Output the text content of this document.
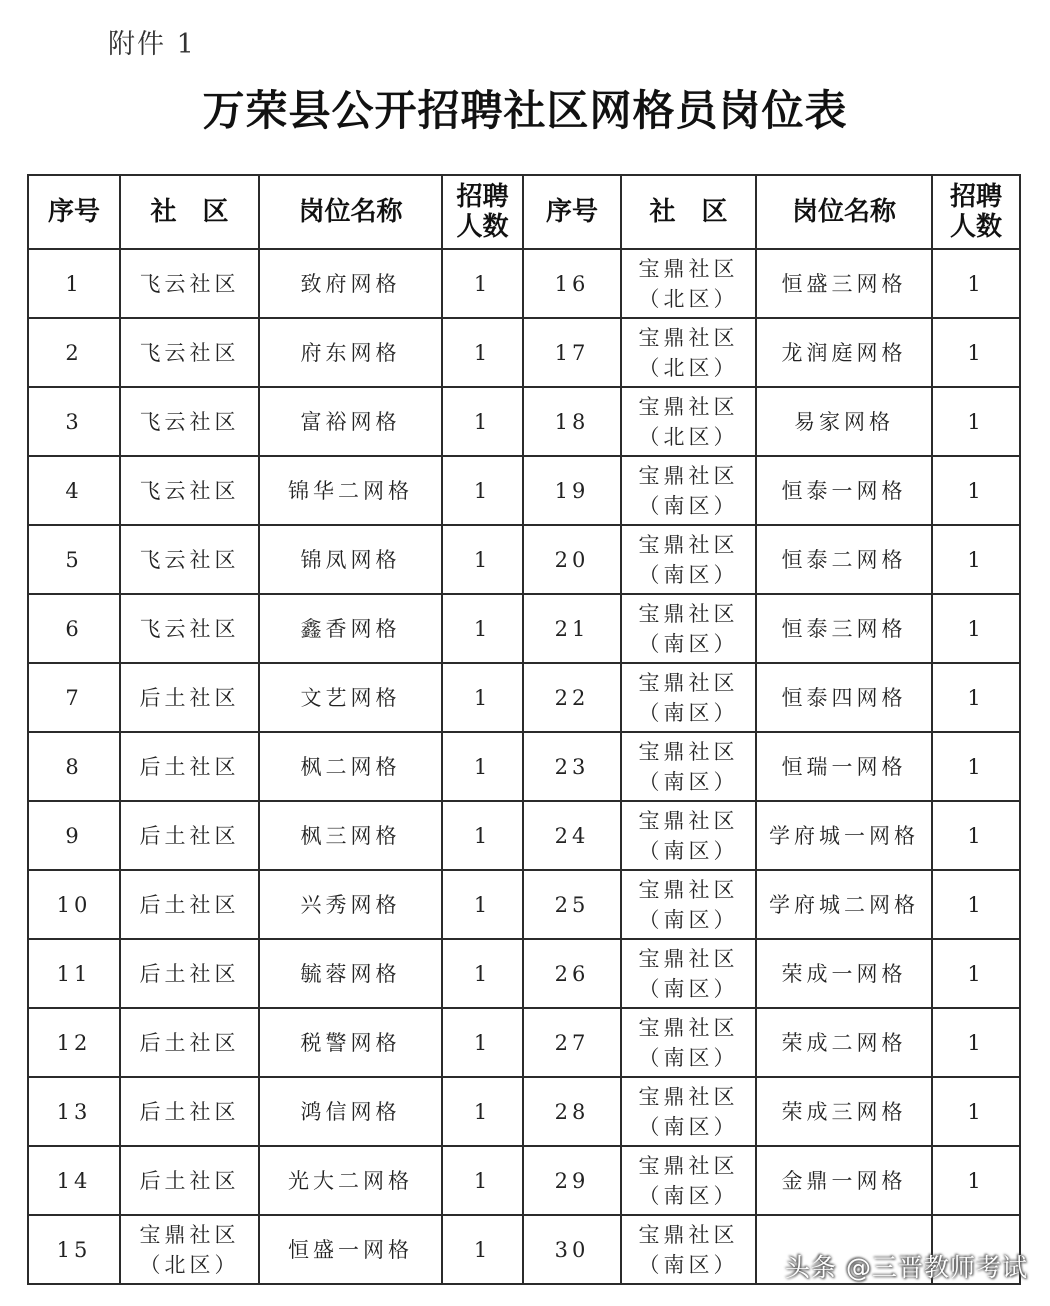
附件 1
万荣县公开招聘社区网格员岗位表
序号	社　区	岗位名称	招聘
人数	序号	社　区	岗位名称	招聘
人数
1	飞云社区	致府网格	1	16	宝鼎社区
（北区）	恒盛三网格	1
2	飞云社区	府东网格	1	17	宝鼎社区
（北区）	龙润庭网格	1
3	飞云社区	富裕网格	1	18	宝鼎社区
（北区）	易家网格	1
4	飞云社区	锦华二网格	1	19	宝鼎社区
（南区）	恒泰一网格	1
5	飞云社区	锦凤网格	1	20	宝鼎社区
（南区）	恒泰二网格	1
6	飞云社区	鑫香网格	1	21	宝鼎社区
（南区）	恒泰三网格	1
7	后土社区	文艺网格	1	22	宝鼎社区
（南区）	恒泰四网格	1
8	后土社区	枫二网格	1	23	宝鼎社区
（南区）	恒瑞一网格	1
9	后土社区	枫三网格	1	24	宝鼎社区
（南区）	学府城一网格	1
10	后土社区	兴秀网格	1	25	宝鼎社区
（南区）	学府城二网格	1
11	后土社区	毓蓉网格	1	26	宝鼎社区
（南区）	荣成一网格	1
12	后土社区	税警网格	1	27	宝鼎社区
（南区）	荣成二网格	1
13	后土社区	鸿信网格	1	28	宝鼎社区
（南区）	荣成三网格	1
14	后土社区	光大二网格	1	29	宝鼎社区
（南区）	金鼎一网格	1
15	宝鼎社区
（北区）	恒盛一网格	1	30	宝鼎社区
（南区）		头条 @三晋教师考试
